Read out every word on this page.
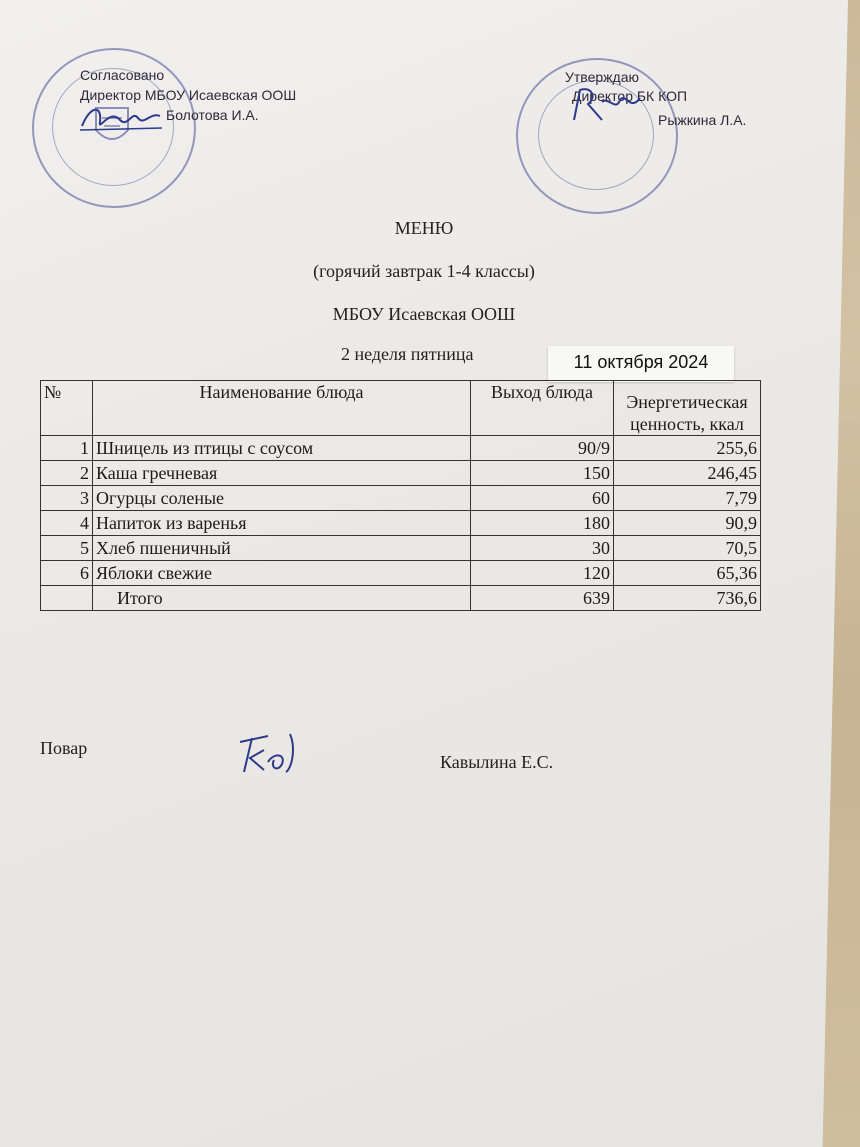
Согласовано
Директор МБОУ Исаевская ООШ
Болотова И.А.
Утверждаю
Директор БК КОП
Рыжкина Л.А.
МЕНЮ
(горячий завтрак 1-4 классы)
МБОУ Исаевская ООШ
2 неделя пятница	11 октября 2024
№	Наименование блюда	Выход блюда	Энергетическая ценность, ккал
1	Шницель из птицы с соусом	90/9	255,6
2	Каша гречневая	150	246,45
3	Огурцы соленые	60	7,79
4	Напиток из варенья	180	90,9
5	Хлеб пшеничный	30	70,5
6	Яблоки свежие	120	65,36
	Итого	639	736,6
Повар
Кавылина Е.С.
